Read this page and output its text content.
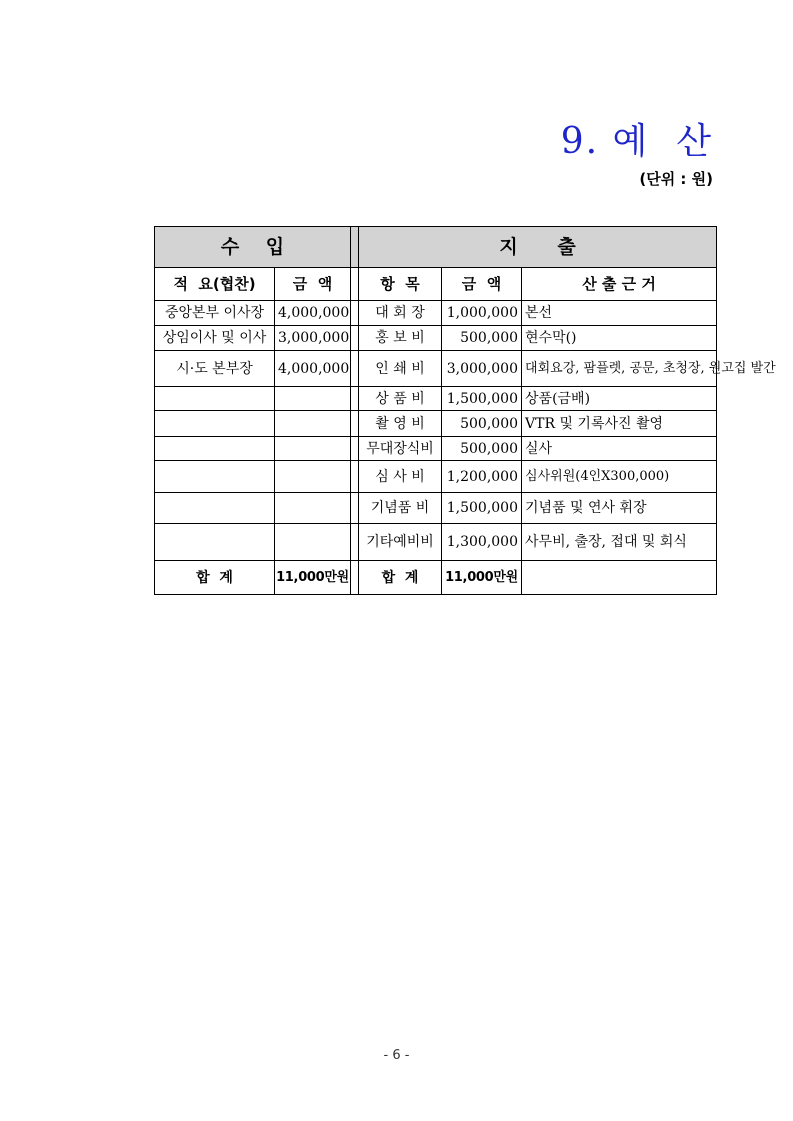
9. 예  산
(단위 : 원)
수    입			지      출		
적  요(협찬)	금  액		항  목	금  액	산 출 근 거
중앙본부 이사장	4,000,000		대 회 장	1,000,000	본선
상임이사 및 이사	3,000,000		홍 보 비	500,000	현수막()
시·도 본부장	4,000,000		인 쇄 비	3,000,000	대회요강, 팜플렛, 공문, 초청장, 원고집 발간
			상 품 비	1,500,000	상품(금배)
			촬 영 비	500,000	VTR 및 기록사진 촬영
			무대장식비	500,000	실사
			심 사 비	1,200,000	심사위원(4인X300,000)
			기념품 비	1,500,000	기념품 및 연사 휘장
			기타예비비	1,300,000	사무비, 출장, 접대 및 회식
합  계	11,000만원		합  계	11,000만원	
- 6 -
